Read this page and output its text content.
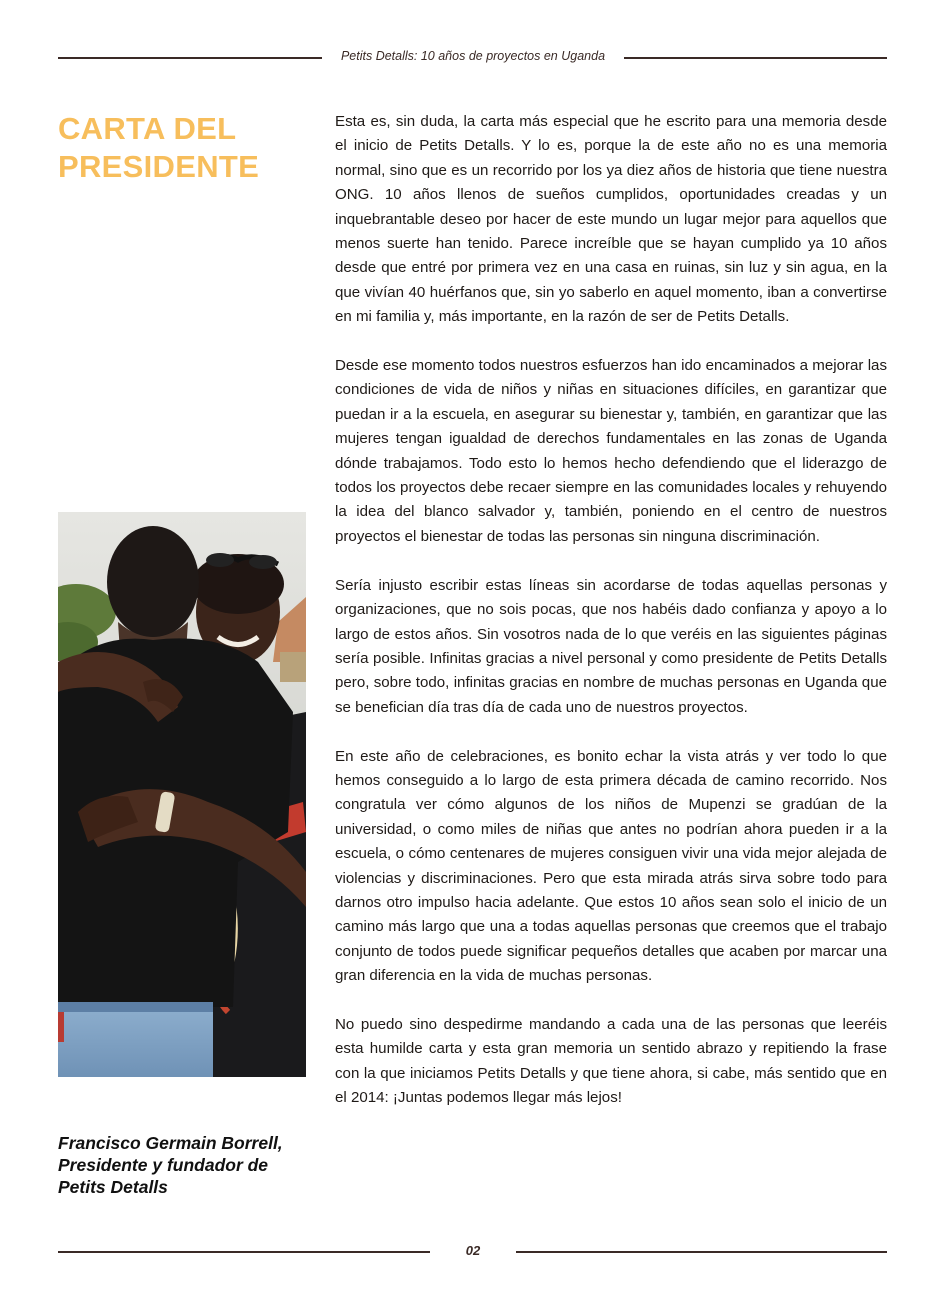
Petits Detalls: 10 años de proyectos en Uganda
CARTA DEL
PRESIDENTE
Francisco Germain Borrell,
Presidente y fundador de
Petits Detalls

Esta es, sin duda, la carta más especial que he escrito para una memoria desde el inicio de Petits Detalls. Y lo es, porque la de este año no es una memoria normal, sino que es un recorrido por los ya diez años de historia que tiene nuestra ONG. 10 años llenos de sueños cumplidos, oportunidades creadas y un inquebrantable deseo por hacer de este mundo un lugar mejor para aquellos que menos suerte han tenido. Parece increíble que se hayan cumplido ya 10 años desde que entré por primera vez en una casa en ruinas, sin luz y sin agua, en la que vivían 40 huérfanos que, sin yo saberlo en aquel momento, iban a convertirse en mi familia y, más importante, en la razón de ser de Petits Detalls.

Desde ese momento todos nuestros esfuerzos han ido encaminados a mejorar las condiciones de vida de niños y niñas en situaciones difíciles, en garantizar que puedan ir a la escuela, en asegurar su bienestar y, también, en garantizar que las mujeres tengan igualdad de derechos fundamentales en las zonas de Uganda dónde trabajamos. Todo esto lo hemos hecho defendiendo que el liderazgo de todos los proyectos debe recaer siempre en las comunidades locales y rehuyendo la idea del blanco salvador y, también, poniendo en el centro de nuestros proyectos el bienestar de todas las personas sin ninguna discriminación.

Sería injusto escribir estas líneas sin acordarse de todas aquellas personas y organizaciones, que no sois pocas, que nos habéis dado confianza y apoyo a lo largo de estos años. Sin vosotros nada de lo que veréis en las siguientes páginas sería posible. Infinitas gracias a nivel personal y como presidente de Petits Detalls pero, sobre todo, infinitas gracias en nombre de muchas personas en Uganda que se benefician día tras día de cada uno de nuestros proyectos.

En este año de celebraciones, es bonito echar la vista atrás y ver todo lo que hemos conseguido a lo largo de esta primera década de camino recorrido. Nos congratula ver cómo algunos de los niños de Mupenzi se gradúan de la universidad, o como miles de niñas que antes no podrían ahora pueden ir a la escuela, o cómo centenares de mujeres consiguen vivir una vida mejor alejada de violencias y discriminaciones. Pero que esta mirada atrás sirva sobre todo para darnos otro impulso hacia adelante. Que estos 10 años sean solo el inicio de un camino más largo que una a todas aquellas personas que creemos que el trabajo conjunto de todos puede significar pequeños detalles que acaben por marcar una gran diferencia en la vida de muchas personas.

No puedo sino despedirme mandando a cada una de las personas que leeréis esta humilde carta y esta gran memoria un sentido abrazo y repitiendo la frase con la que iniciamos Petits Detalls y que tiene ahora, si cabe, más sentido que en el 2014: ¡Juntas podemos llegar más lejos!

02
